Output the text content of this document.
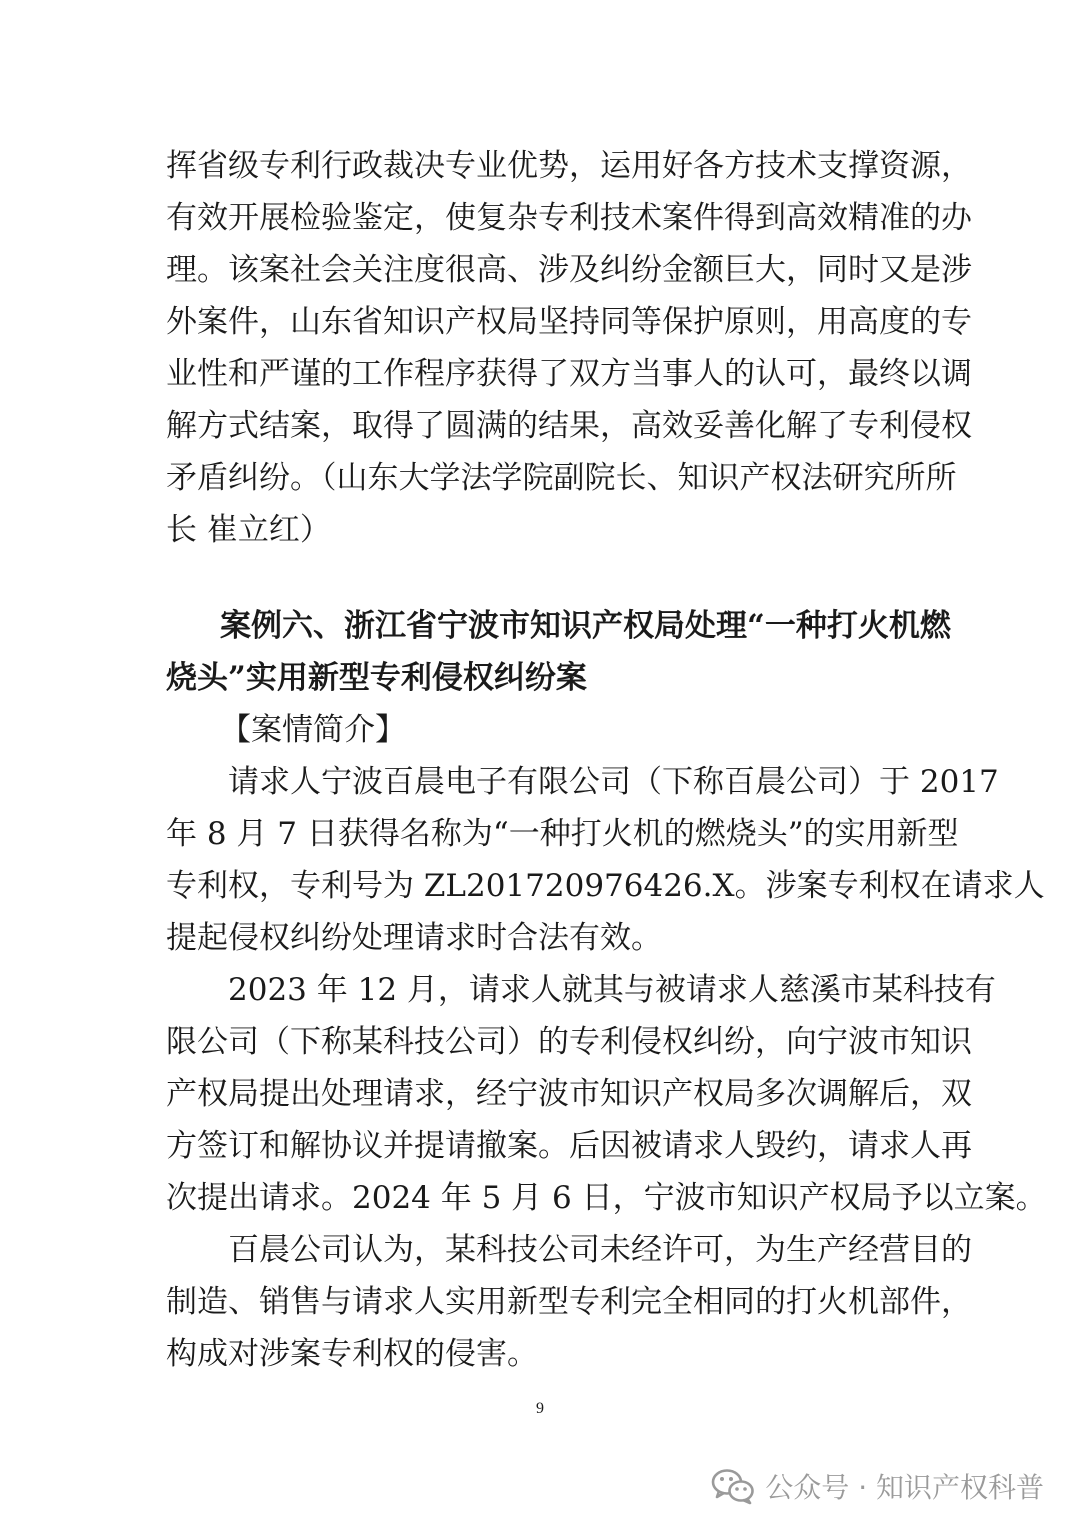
挥省级专利行政裁决专业优势，运用好各方技术支撑资源，
有效开展检验鉴定，使复杂专利技术案件得到高效精准的办
理。该案社会关注度很高、涉及纠纷金额巨大，同时又是涉
外案件，山东省知识产权局坚持同等保护原则，用高度的专
业性和严谨的工作程序获得了双方当事人的认可，最终以调
解方式结案，取得了圆满的结果，高效妥善化解了专利侵权
矛盾纠纷。（山东大学法学院副院长、知识产权法研究所所
长 崔立红）
案例六、浙江省宁波市知识产权局处理“一种打火机燃
烧头”实用新型专利侵权纠纷案
【案情简介】
请求人宁波百晨电子有限公司（下称百晨公司）于 2017
年 8 月 7 日获得名称为“一种打火机的燃烧头”的实用新型
专利权，专利号为 ZL201720976426.X。涉案专利权在请求人
提起侵权纠纷处理请求时合法有效。
2023 年 12 月，请求人就其与被请求人慈溪市某科技有
限公司（下称某科技公司）的专利侵权纠纷，向宁波市知识
产权局提出处理请求，经宁波市知识产权局多次调解后，双
方签订和解协议并提请撤案。后因被请求人毁约，请求人再
次提出请求。2024 年 5 月 6 日，宁波市知识产权局予以立案。
百晨公司认为，某科技公司未经许可，为生产经营目的
制造、销售与请求人实用新型专利完全相同的打火机部件，
构成对涉案专利权的侵害。
9
公众号 · 知识产权科普
